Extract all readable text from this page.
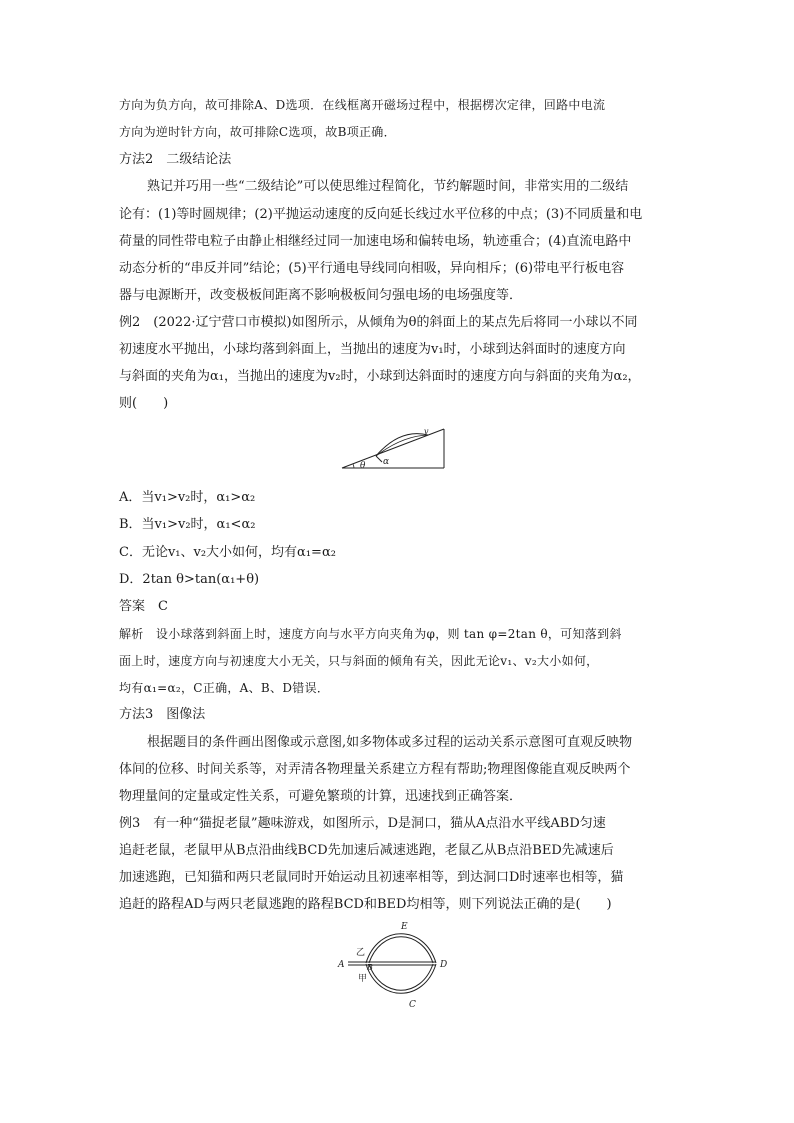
方向为负方向，故可排除A、D选项．在线框离开磁场过程中，根据楞次定律，回路中电流
方向为逆时针方向，故可排除C选项，故B项正确．
方法2　二级结论法
熟记并巧用一些“二级结论”可以使思维过程简化，节约解题时间，非常实用的二级结
论有：(1)等时圆规律；(2)平抛运动速度的反向延长线过水平位移的中点；(3)不同质量和电
荷量的同性带电粒子由静止相继经过同一加速电场和偏转电场，轨迹重合；(4)直流电路中
动态分析的“串反并同”结论；(5)平行通电导线同向相吸，异向相斥；(6)带电平行板电容
器与电源断开，改变极板间距离不影响极板间匀强电场的电场强度等．
例2　(2022·辽宁营口市模拟)如图所示，从倾角为θ的斜面上的某点先后将同一小球以不同
初速度水平抛出，小球均落到斜面上，当抛出的速度为v₁时，小球到达斜面时的速度方向
与斜面的夹角为α₁，当抛出的速度为v₂时，小球到达斜面时的速度方向与斜面的夹角为α₂，
则(　　)
v
α
θ
A．当v₁>v₂时，α₁>α₂
B．当v₁>v₂时，α₁<α₂
C．无论v₁、v₂大小如何，均有α₁=α₂
D．2tan θ>tan(α₁+θ)
答案　C
解析　设小球落到斜面上时，速度方向与水平方向夹角为φ，则 tan φ=2tan θ，可知落到斜
面上时，速度方向与初速度大小无关，只与斜面的倾角有关，因此无论v₁、v₂大小如何，
均有α₁=α₂，C正确，A、B、D错误．
方法3　图像法
根据题目的条件画出图像或示意图,如多物体或多过程的运动关系示意图可直观反映物
体间的位移、时间关系等，对弄清各物理量关系建立方程有帮助;物理图像能直观反映两个
物理量间的定量或定性关系，可避免繁琐的计算，迅速找到正确答案．
例3　有一种“猫捉老鼠”趣味游戏，如图所示，D是洞口，猫从A点沿水平线ABD匀速
追赶老鼠，老鼠甲从B点沿曲线BCD先加速后减速逃跑，老鼠乙从B点沿BED先减速后
加速逃跑，已知猫和两只老鼠同时开始运动且初速率相等，到达洞口D时速率也相等，猫
追赶的路程AD与两只老鼠逃跑的路程BCD和BED均相等，则下列说法正确的是(　　)
E
乙
A	B	D
甲
C
